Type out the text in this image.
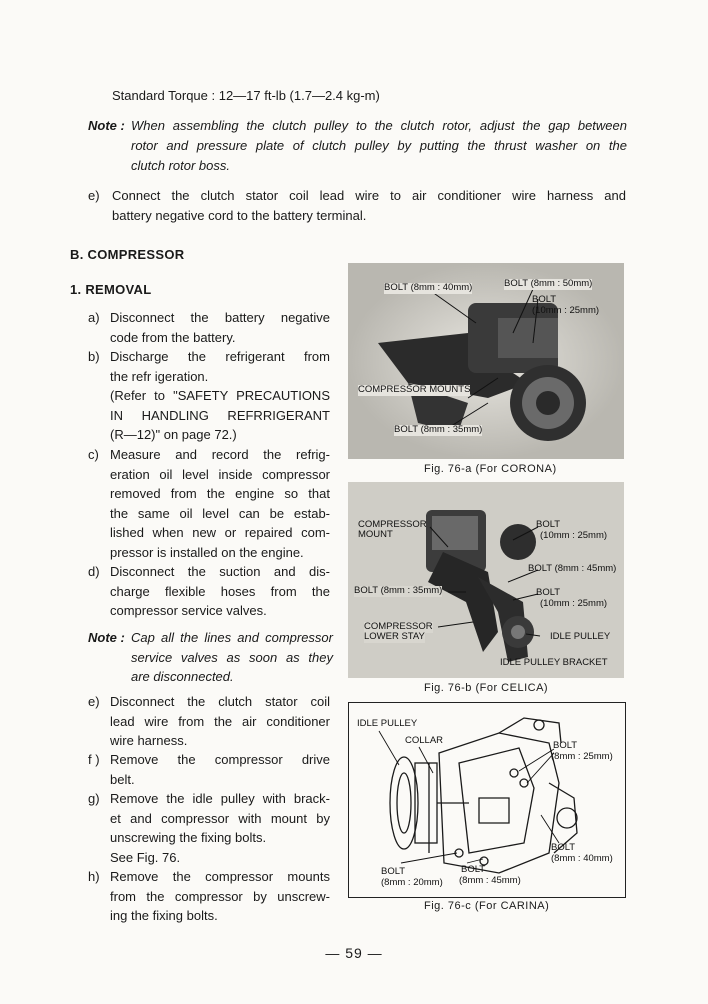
Standard Torque : 12—17 ft-lb (1.7—2.4 kg-m)
Note : When assembling the clutch pulley to the clutch rotor, adjust the gap between
rotor and pressure plate of clutch pulley by putting the thrust washer on the
clutch rotor boss.
e) Connect the clutch stator coil lead wire to air conditioner wire harness and
battery negative cord to the battery terminal.
B. COMPRESSOR
1. REMOVAL
a) Disconnect the battery negative
code from the battery.
b) Discharge the refrigerant from
the refr igeration.
(Refer to "SAFETY PRECAUTIONS
IN HANDLING REFRRIGERANT
(R—12)" on page 72.)
c) Measure and record the refrig-
eration oil level inside compressor
removed from the engine so that
the same oil level can be estab-
lished when new or repaired com-
pressor is installed on the engine.
d) Disconnect the suction and dis-
charge flexible hoses from the
compressor service valves.
Note : Cap all the lines and compressor
service valves as soon as they
are disconnected.
e) Disconnect the clutch stator coil
lead wire from the air conditioner
wire harness.
f ) Remove the compressor drive
belt.
g) Remove the idle pulley with brack-
et and compressor with mount by
unscrewing the fixing bolts.
See Fig. 76.
h) Remove the compressor mounts
from the compressor by unscrew-
ing the fixing bolts.
BOLT (8mm : 40mm)	BOLT (8mm : 50mm)
BOLT
(10mm : 25mm)
COMPRESSOR MOUNTS
BOLT (8mm : 35mm)
Fig. 76-a (For CORONA)
COMPRESSOR
MOUNT
BOLT
(10mm : 25mm)
BOLT (8mm : 45mm)
BOLT (8mm : 35mm)	BOLT
(10mm : 25mm)
COMPRESSOR
LOWER STAY	IDLE PULLEY
IDLE PULLEY BRACKET
Fig. 76-b (For CELICA)
IDLE PULLEY
COLLAR	BOLT
(8mm : 25mm)
BOLT
(8mm : 40mm)
BOLT
(8mm : 20mm)
BOLT
(8mm : 45mm)
Fig. 76-c (For CARINA)
— 59 —
